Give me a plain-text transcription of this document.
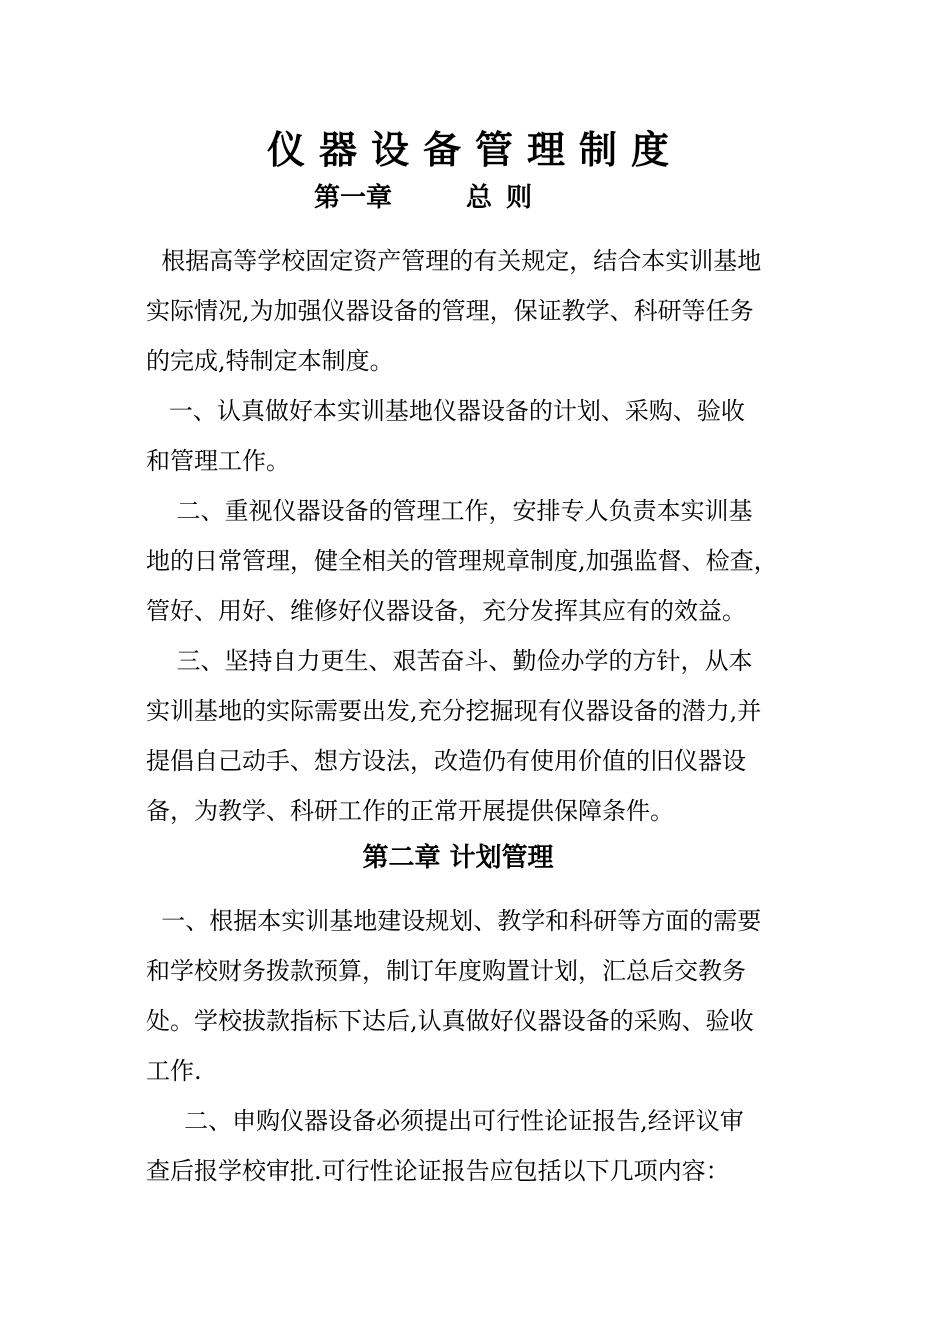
仪器设备管理制度
第一章	总则
根据高等学校固定资产管理的有关规定，结合本实训基地
实际情况,为加强仪器设备的管理，保证教学、科研等任务
的完成,特制定本制度。
一、认真做好本实训基地仪器设备的计划、采购、验收
和管理工作。
二、重视仪器设备的管理工作，安排专人负责本实训基
地的日常管理，健全相关的管理规章制度,加强监督、检查，
管好、用好、维修好仪器设备，充分发挥其应有的效益。
三、坚持自力更生、艰苦奋斗、勤俭办学的方针，从本
实训基地的实际需要出发,充分挖掘现有仪器设备的潜力,并
提倡自己动手、想方设法，改造仍有使用价值的旧仪器设
备，为教学、科研工作的正常开展提供保障条件。
第二章 计划管理
一、根据本实训基地建设规划、教学和科研等方面的需要
和学校财务拨款预算，制订年度购置计划，汇总后交教务
处。学校拔款指标下达后,认真做好仪器设备的采购、验收
工作.
二、申购仪器设备必须提出可行性论证报告,经评议审
查后报学校审批.可行性论证报告应包括以下几项内容：
